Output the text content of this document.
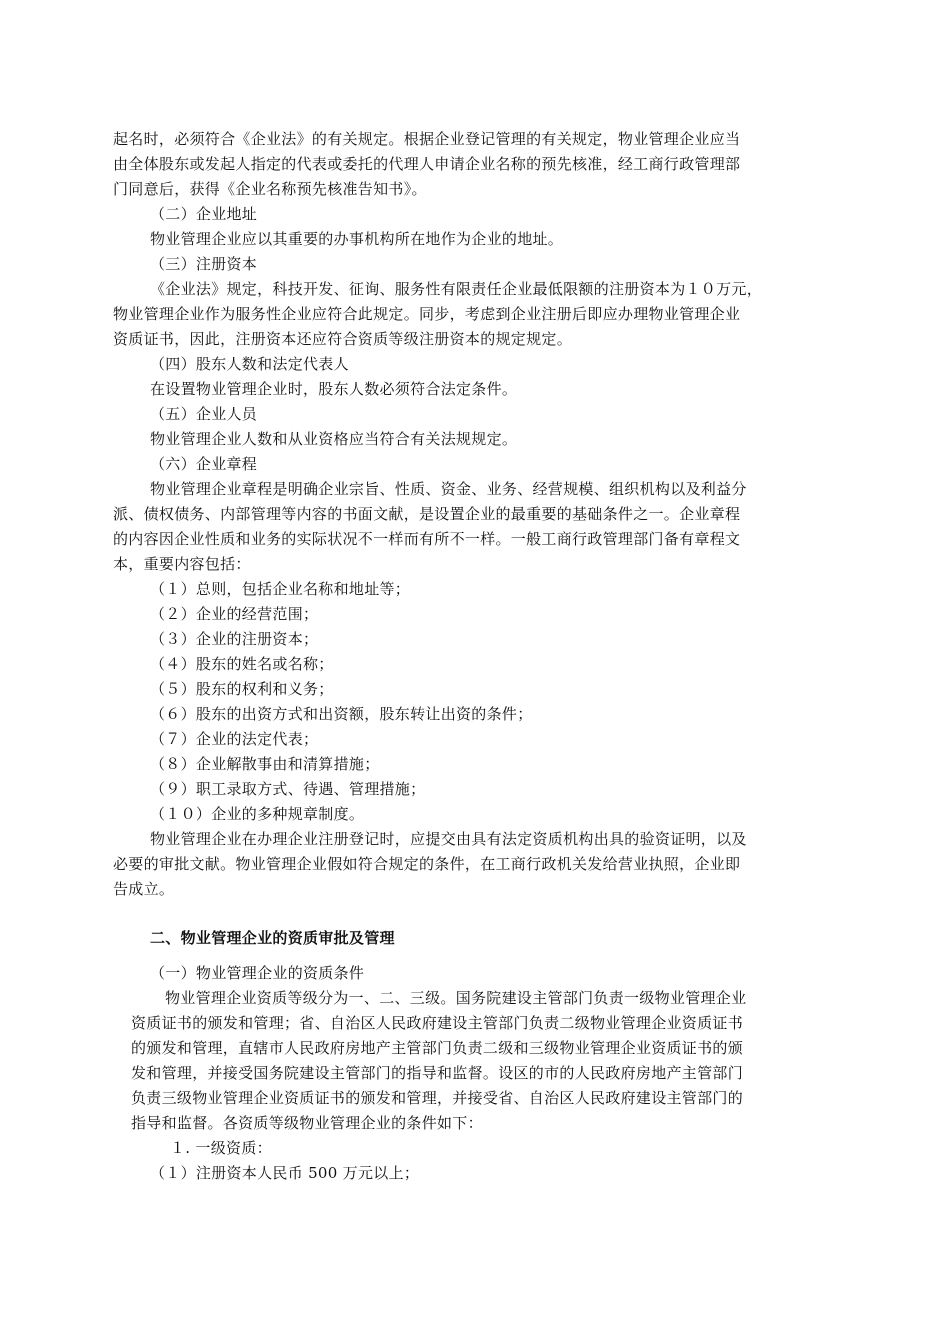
起名时，必须符合《企业法》的有关规定。根据企业登记管理的有关规定，物业管理企业应当
由全体股东或发起人指定的代表或委托的代理人申请企业名称的预先核准，经工商行政管理部
门同意后，获得《企业名称预先核准告知书》。
（二）企业地址
物业管理企业应以其重要的办事机构所在地作为企业的地址。
（三）注册资本
《企业法》规定，科技开发、征询、服务性有限责任企业最低限额的注册资本为１０万元，
物业管理企业作为服务性企业应符合此规定。同步，考虑到企业注册后即应办理物业管理企业
资质证书，因此，注册资本还应符合资质等级注册资本的规定规定。
（四）股东人数和法定代表人
在设置物业管理企业时，股东人数必须符合法定条件。
（五）企业人员
物业管理企业人数和从业资格应当符合有关法规规定。
（六）企业章程
物业管理企业章程是明确企业宗旨、性质、资金、业务、经营规模、组织机构以及利益分
派、债权债务、内部管理等内容的书面文献，是设置企业的最重要的基础条件之一。企业章程
的内容因企业性质和业务的实际状况不一样而有所不一样。一般工商行政管理部门备有章程文
本，重要内容包括：
（１）总则，包括企业名称和地址等；
（２）企业的经营范围；
（３）企业的注册资本；
（４）股东的姓名或名称；
（５）股东的权利和义务；
（６）股东的出资方式和出资额，股东转让出资的条件；
（７）企业的法定代表；
（８）企业解散事由和清算措施；
（９）职工录取方式、待遇、管理措施；
（１０）企业的多种规章制度。
物业管理企业在办理企业注册登记时，应提交由具有法定资质机构出具的验资证明，以及
必要的审批文献。物业管理企业假如符合规定的条件，在工商行政机关发给营业执照，企业即
告成立。
二、物业管理企业的资质审批及管理
（一）物业管理企业的资质条件
物业管理企业资质等级分为一、二、三级。国务院建设主管部门负责一级物业管理企业
资质证书的颁发和管理；省、自治区人民政府建设主管部门负责二级物业管理企业资质证书
的颁发和管理，直辖市人民政府房地产主管部门负责二级和三级物业管理企业资质证书的颁
发和管理，并接受国务院建设主管部门的指导和监督。设区的市的人民政府房地产主管部门
负责三级物业管理企业资质证书的颁发和管理，并接受省、自治区人民政府建设主管部门的
指导和监督。各资质等级物业管理企业的条件如下：
１. 一级资质：
（１）注册资本人民币 500 万元以上；
